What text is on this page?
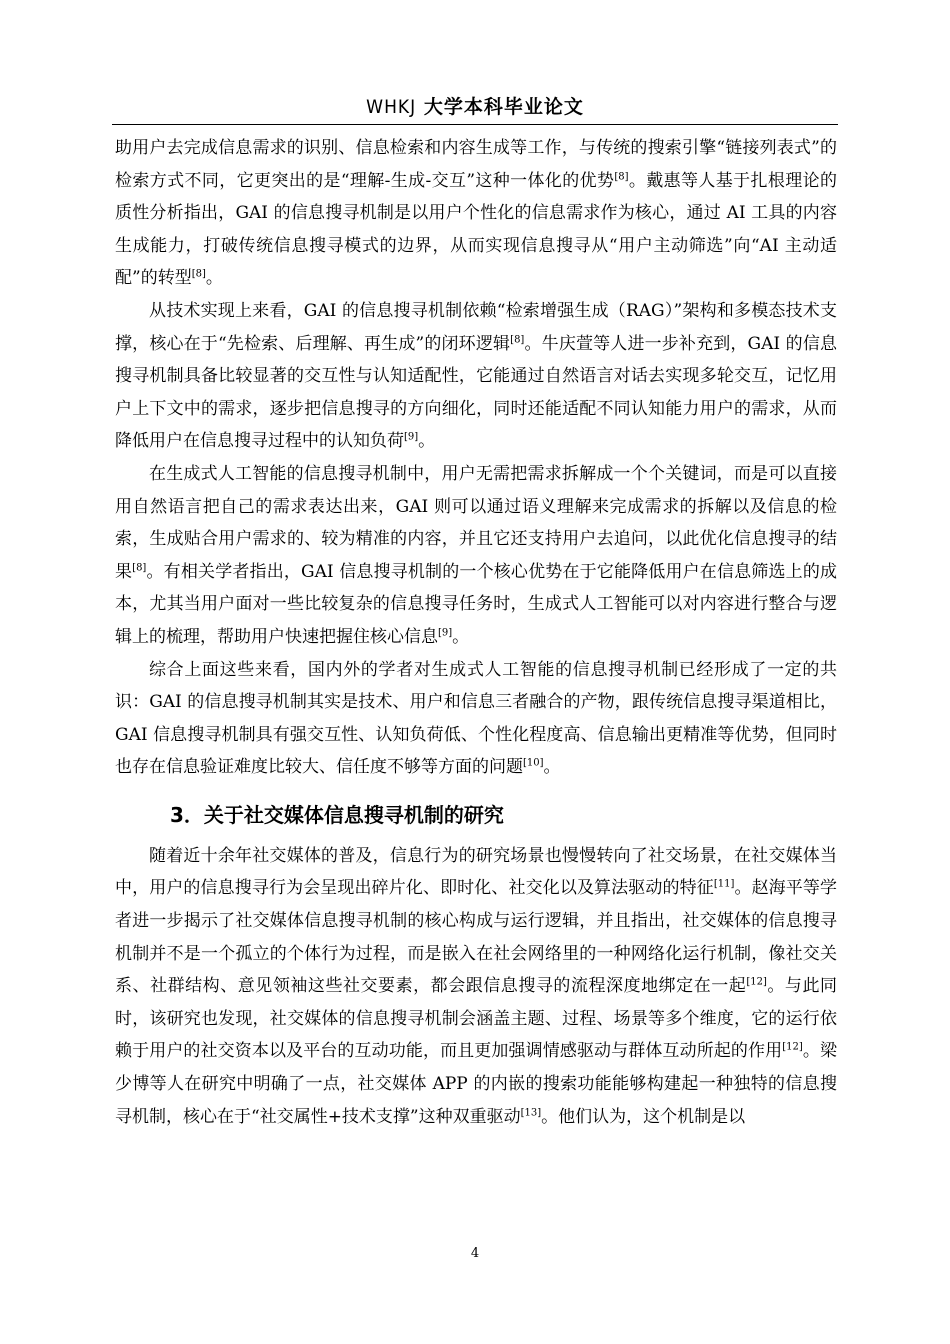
WHKJ 大学本科毕业论文

助用户去完成信息需求的识别、信息检索和内容生成等工作，与传统的搜索引擎“链接列表式”的检索方式不同，它更突出的是“理解-生成-交互”这种一体化的优势[8]。戴惠等人基于扎根理论的质性分析指出，GAI 的信息搜寻机制是以用户个性化的信息需求作为核心，通过 AI 工具的内容生成能力，打破传统信息搜寻模式的边界，从而实现信息搜寻从“用户主动筛选”向“AI 主动适配”的转型[8]。

从技术实现上来看，GAI 的信息搜寻机制依赖“检索增强生成（RAG）”架构和多模态技术支撑，核心在于“先检索、后理解、再生成”的闭环逻辑[8]。牛庆萱等人进一步补充到，GAI 的信息搜寻机制具备比较显著的交互性与认知适配性，它能通过自然语言对话去实现多轮交互，记忆用户上下文中的需求，逐步把信息搜寻的方向细化，同时还能适配不同认知能力用户的需求，从而降低用户在信息搜寻过程中的认知负荷[9]。

在生成式人工智能的信息搜寻机制中，用户无需把需求拆解成一个个关键词，而是可以直接用自然语言把自己的需求表达出来，GAI 则可以通过语义理解来完成需求的拆解以及信息的检索，生成贴合用户需求的、较为精准的内容，并且它还支持用户去追问，以此优化信息搜寻的结果[8]。有相关学者指出，GAI 信息搜寻机制的一个核心优势在于它能降低用户在信息筛选上的成本，尤其当用户面对一些比较复杂的信息搜寻任务时，生成式人工智能可以对内容进行整合与逻辑上的梳理，帮助用户快速把握住核心信息[9]。

综合上面这些来看，国内外的学者对生成式人工智能的信息搜寻机制已经形成了一定的共识：GAI 的信息搜寻机制其实是技术、用户和信息三者融合的产物，跟传统信息搜寻渠道相比，GAI 信息搜寻机制具有强交互性、认知负荷低、个性化程度高、信息输出更精准等优势，但同时也存在信息验证难度比较大、信任度不够等方面的问题[10]。

3．关于社交媒体信息搜寻机制的研究

随着近十余年社交媒体的普及，信息行为的研究场景也慢慢转向了社交场景，在社交媒体当中，用户的信息搜寻行为会呈现出碎片化、即时化、社交化以及算法驱动的特征[11]。赵海平等学者进一步揭示了社交媒体信息搜寻机制的核心构成与运行逻辑，并且指出，社交媒体的信息搜寻机制并不是一个孤立的个体行为过程，而是嵌入在社会网络里的一种网络化运行机制，像社交关系、社群结构、意见领袖这些社交要素，都会跟信息搜寻的流程深度地绑定在一起[12]。与此同时，该研究也发现，社交媒体的信息搜寻机制会涵盖主题、过程、场景等多个维度，它的运行依赖于用户的社交资本以及平台的互动功能，而且更加强调情感驱动与群体互动所起的作用[12]。梁少博等人在研究中明确了一点，社交媒体 APP 的内嵌的搜索功能能够构建起一种独特的信息搜寻机制，核心在于“社交属性+技术支撑”这种双重驱动[13]。他们认为，这个机制是以

4
